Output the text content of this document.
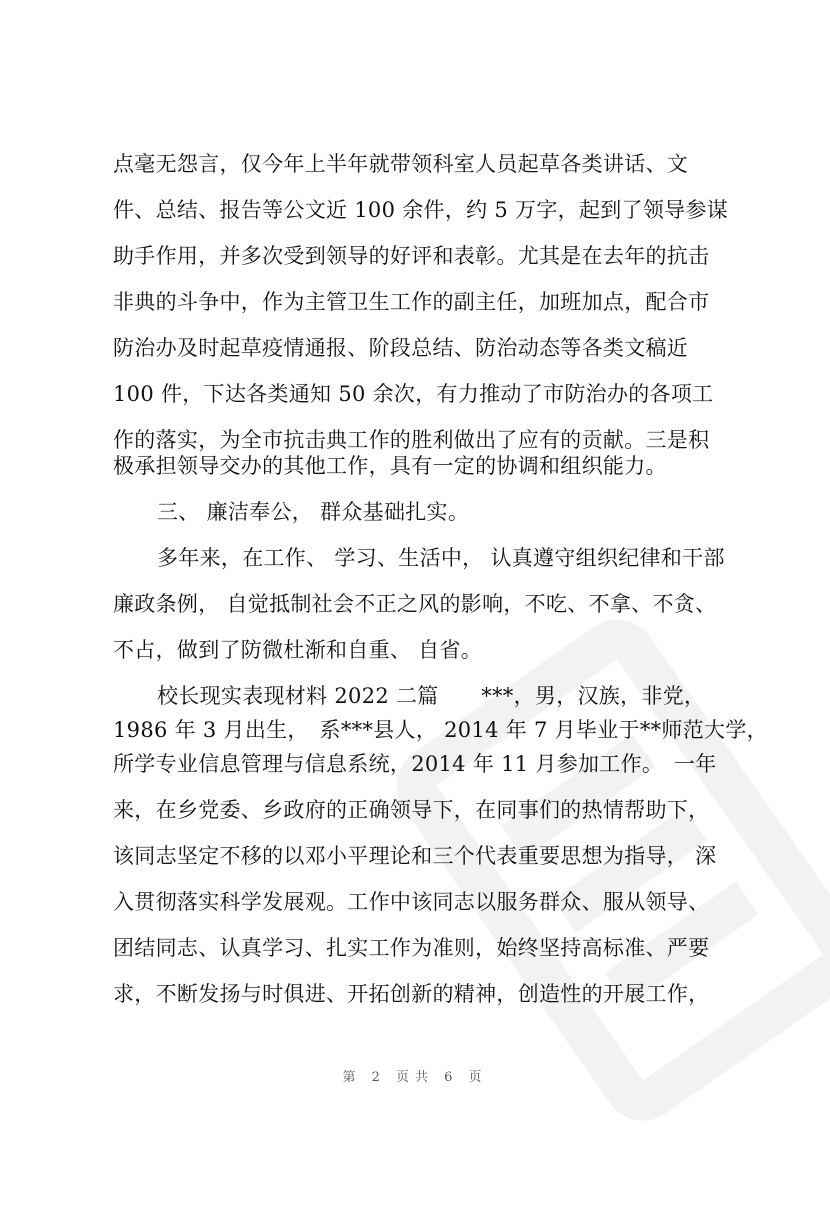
点毫无怨言，仅今年上半年就带领科室人员起草各类讲话、文
件、总结、报告等公文近 100 余件，约 5 万字，起到了领导参谋
助手作用，并多次受到领导的好评和表彰。尤其是在去年的抗击
非典的斗争中，作为主管卫生工作的副主任，加班加点，配合市
防治办及时起草疫情通报、阶段总结、防治动态等各类文稿近
100 件，下达各类通知 50 余次，有力推动了市防治办的各项工
作的落实，为全市抗击典工作的胜利做出了应有的贡献。三是积
极承担领导交办的其他工作，具有一定的协调和组织能力。
三、 廉洁奉公， 群众基础扎实。
多年来，在工作、 学习、生活中， 认真遵守组织纪律和干部
廉政条例， 自觉抵制社会不正之风的影响，不吃、不拿、不贪、
不占，做到了防微杜渐和自重、 自省。
校长现实表现材料 2022 二篇　　***，男，汉族，非党，
1986 年 3 月出生，　系***县人， 2014 年 7 月毕业于**师范大学，
所学专业信息管理与信息系统，2014 年 11 月参加工作。　一年
来，在乡党委、乡政府的正确领导下，在同事们的热情帮助下，
该同志坚定不移的以邓小平理论和三个代表重要思想为指导， 深
入贯彻落实科学发展观。工作中该同志以服务群众、服从领导、
团结同志、认真学习、扎实工作为准则，始终坚持高标准、严要
求，不断发扬与时俱进、开拓创新的精神，创造性的开展工作，
第 2 页共 6 页
